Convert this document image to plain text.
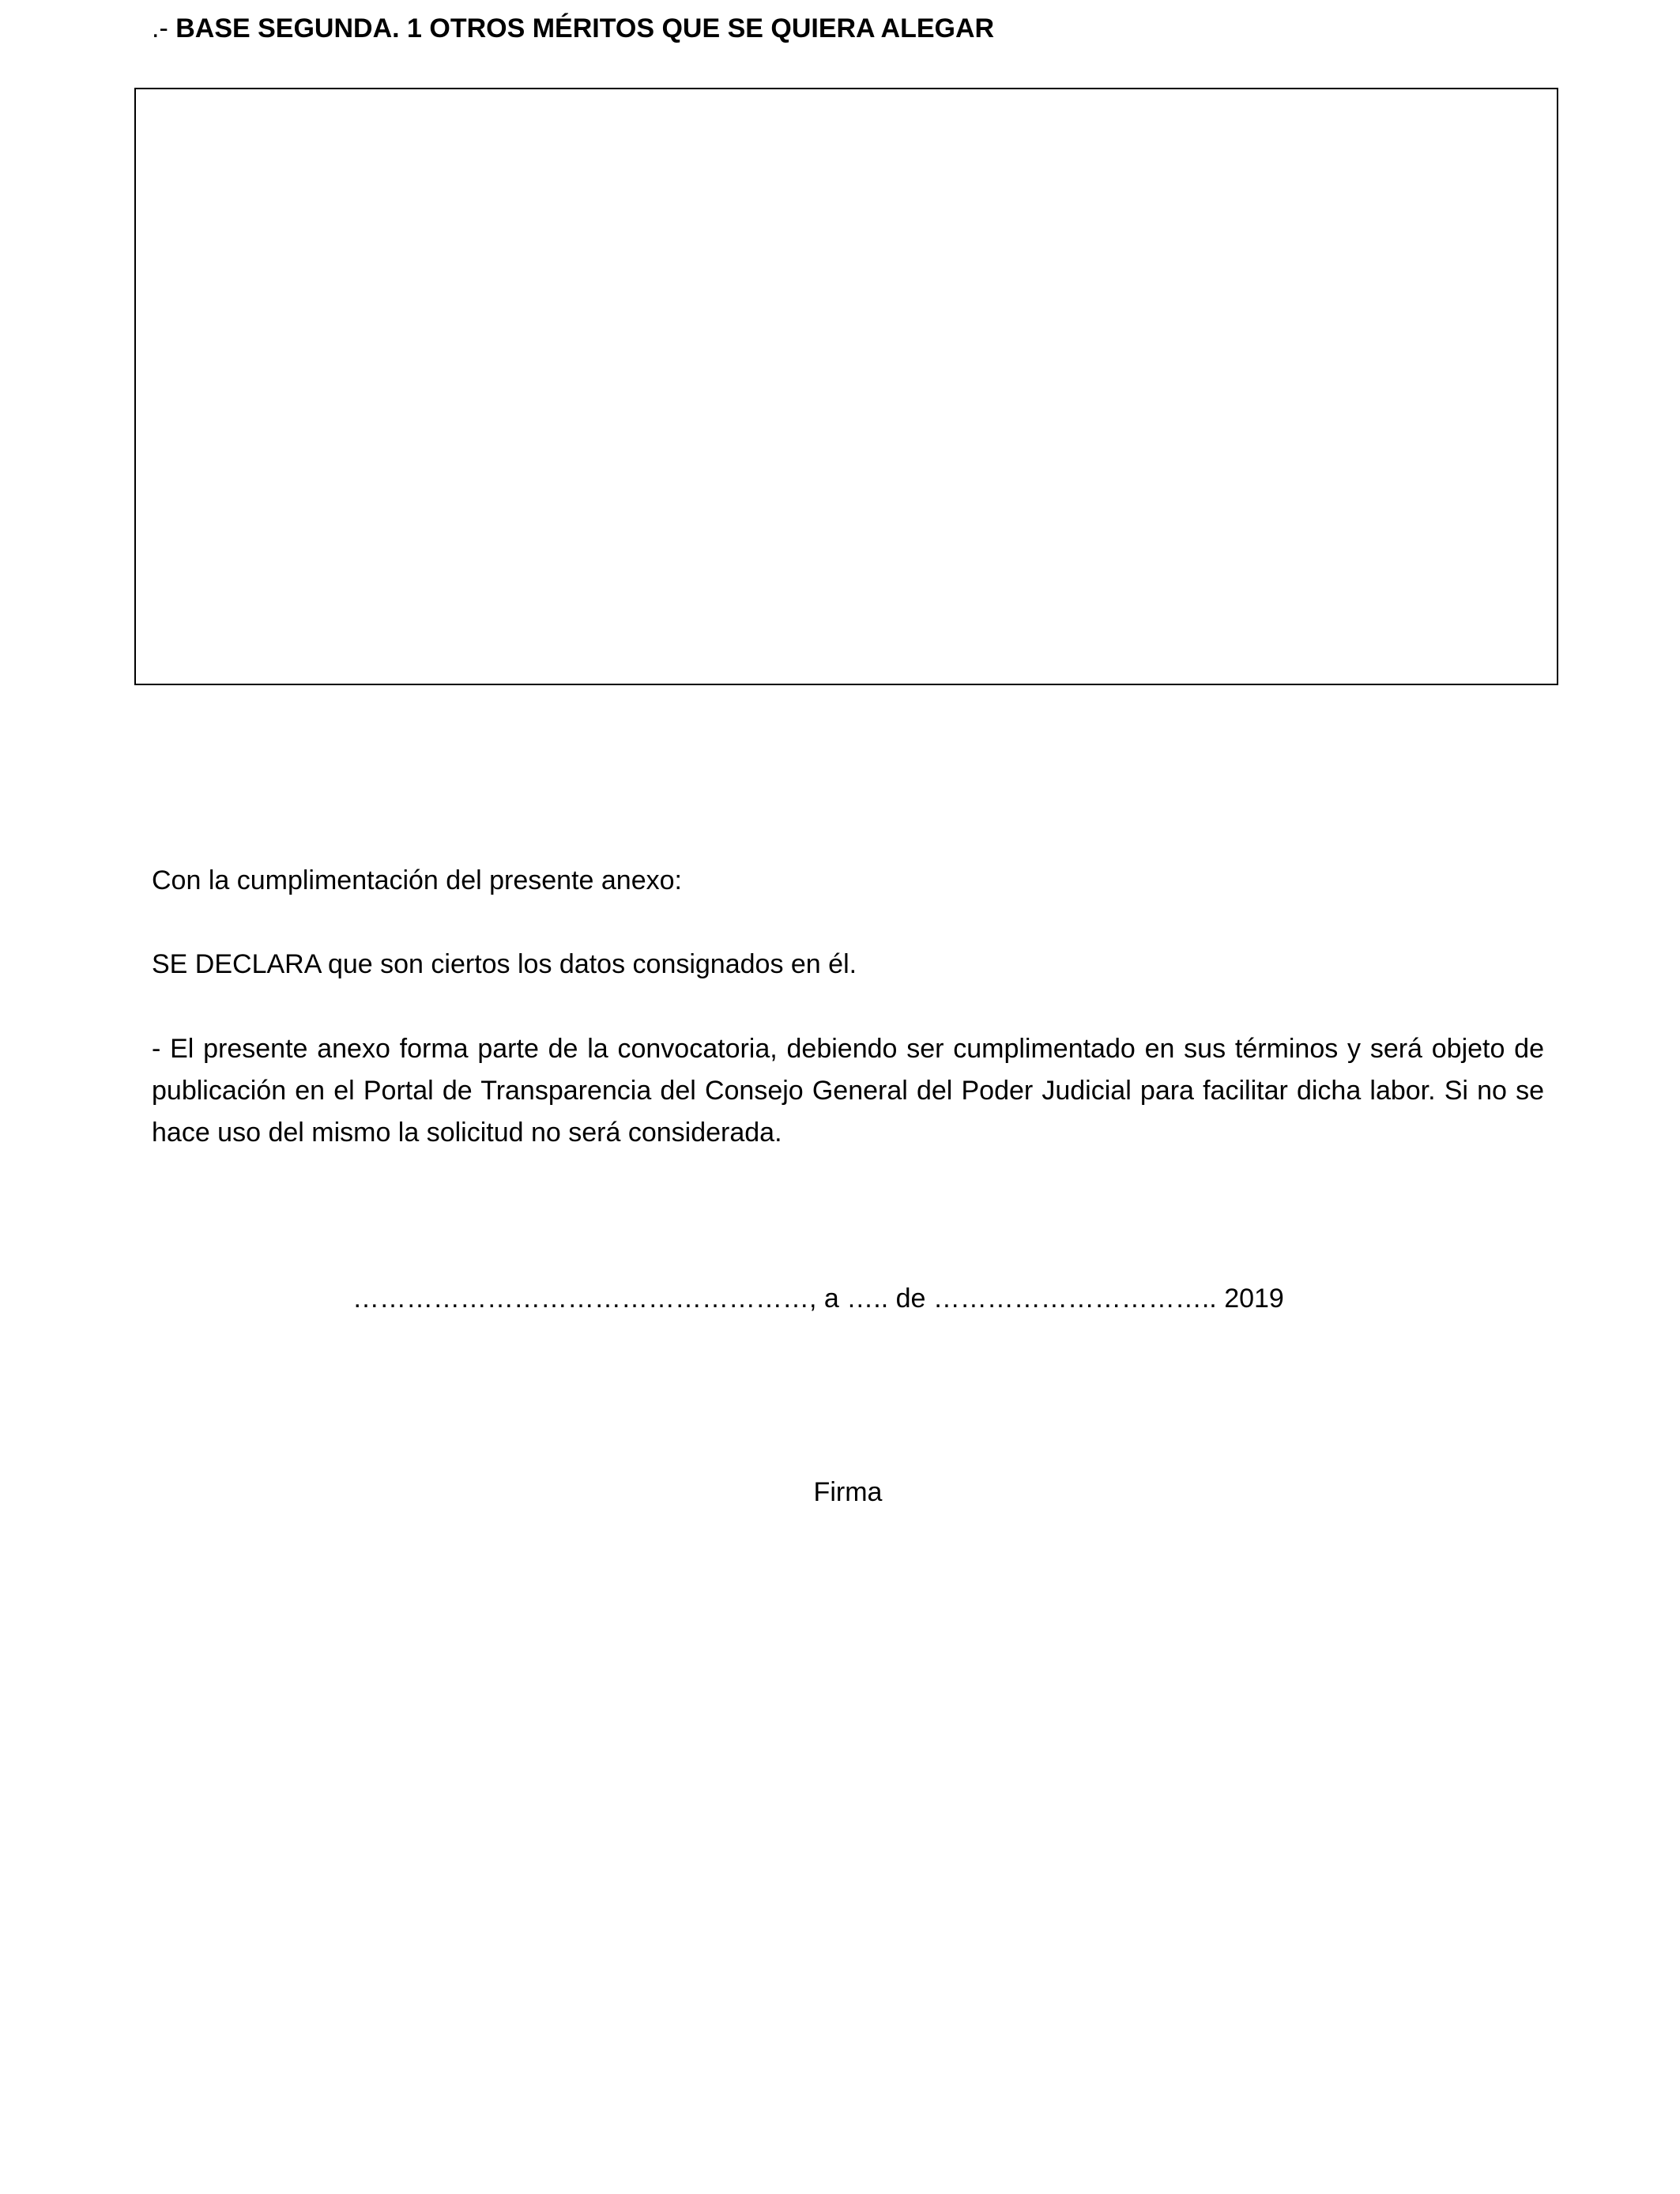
.- BASE SEGUNDA. 1 OTROS MÉRITOS QUE SE QUIERA ALEGAR

Con la cumplimentación del presente anexo:

SE DECLARA que son ciertos los datos consignados en él.

- El presente anexo forma parte de la convocatoria, debiendo ser cumplimentado en sus términos y será objeto de publicación en el Portal de Transparencia del Consejo General del Poder Judicial para facilitar dicha labor. Si no se hace uso del mismo la solicitud no será considerada.

……………………………………………, a ….. de ………………………….. 2019
Firma
